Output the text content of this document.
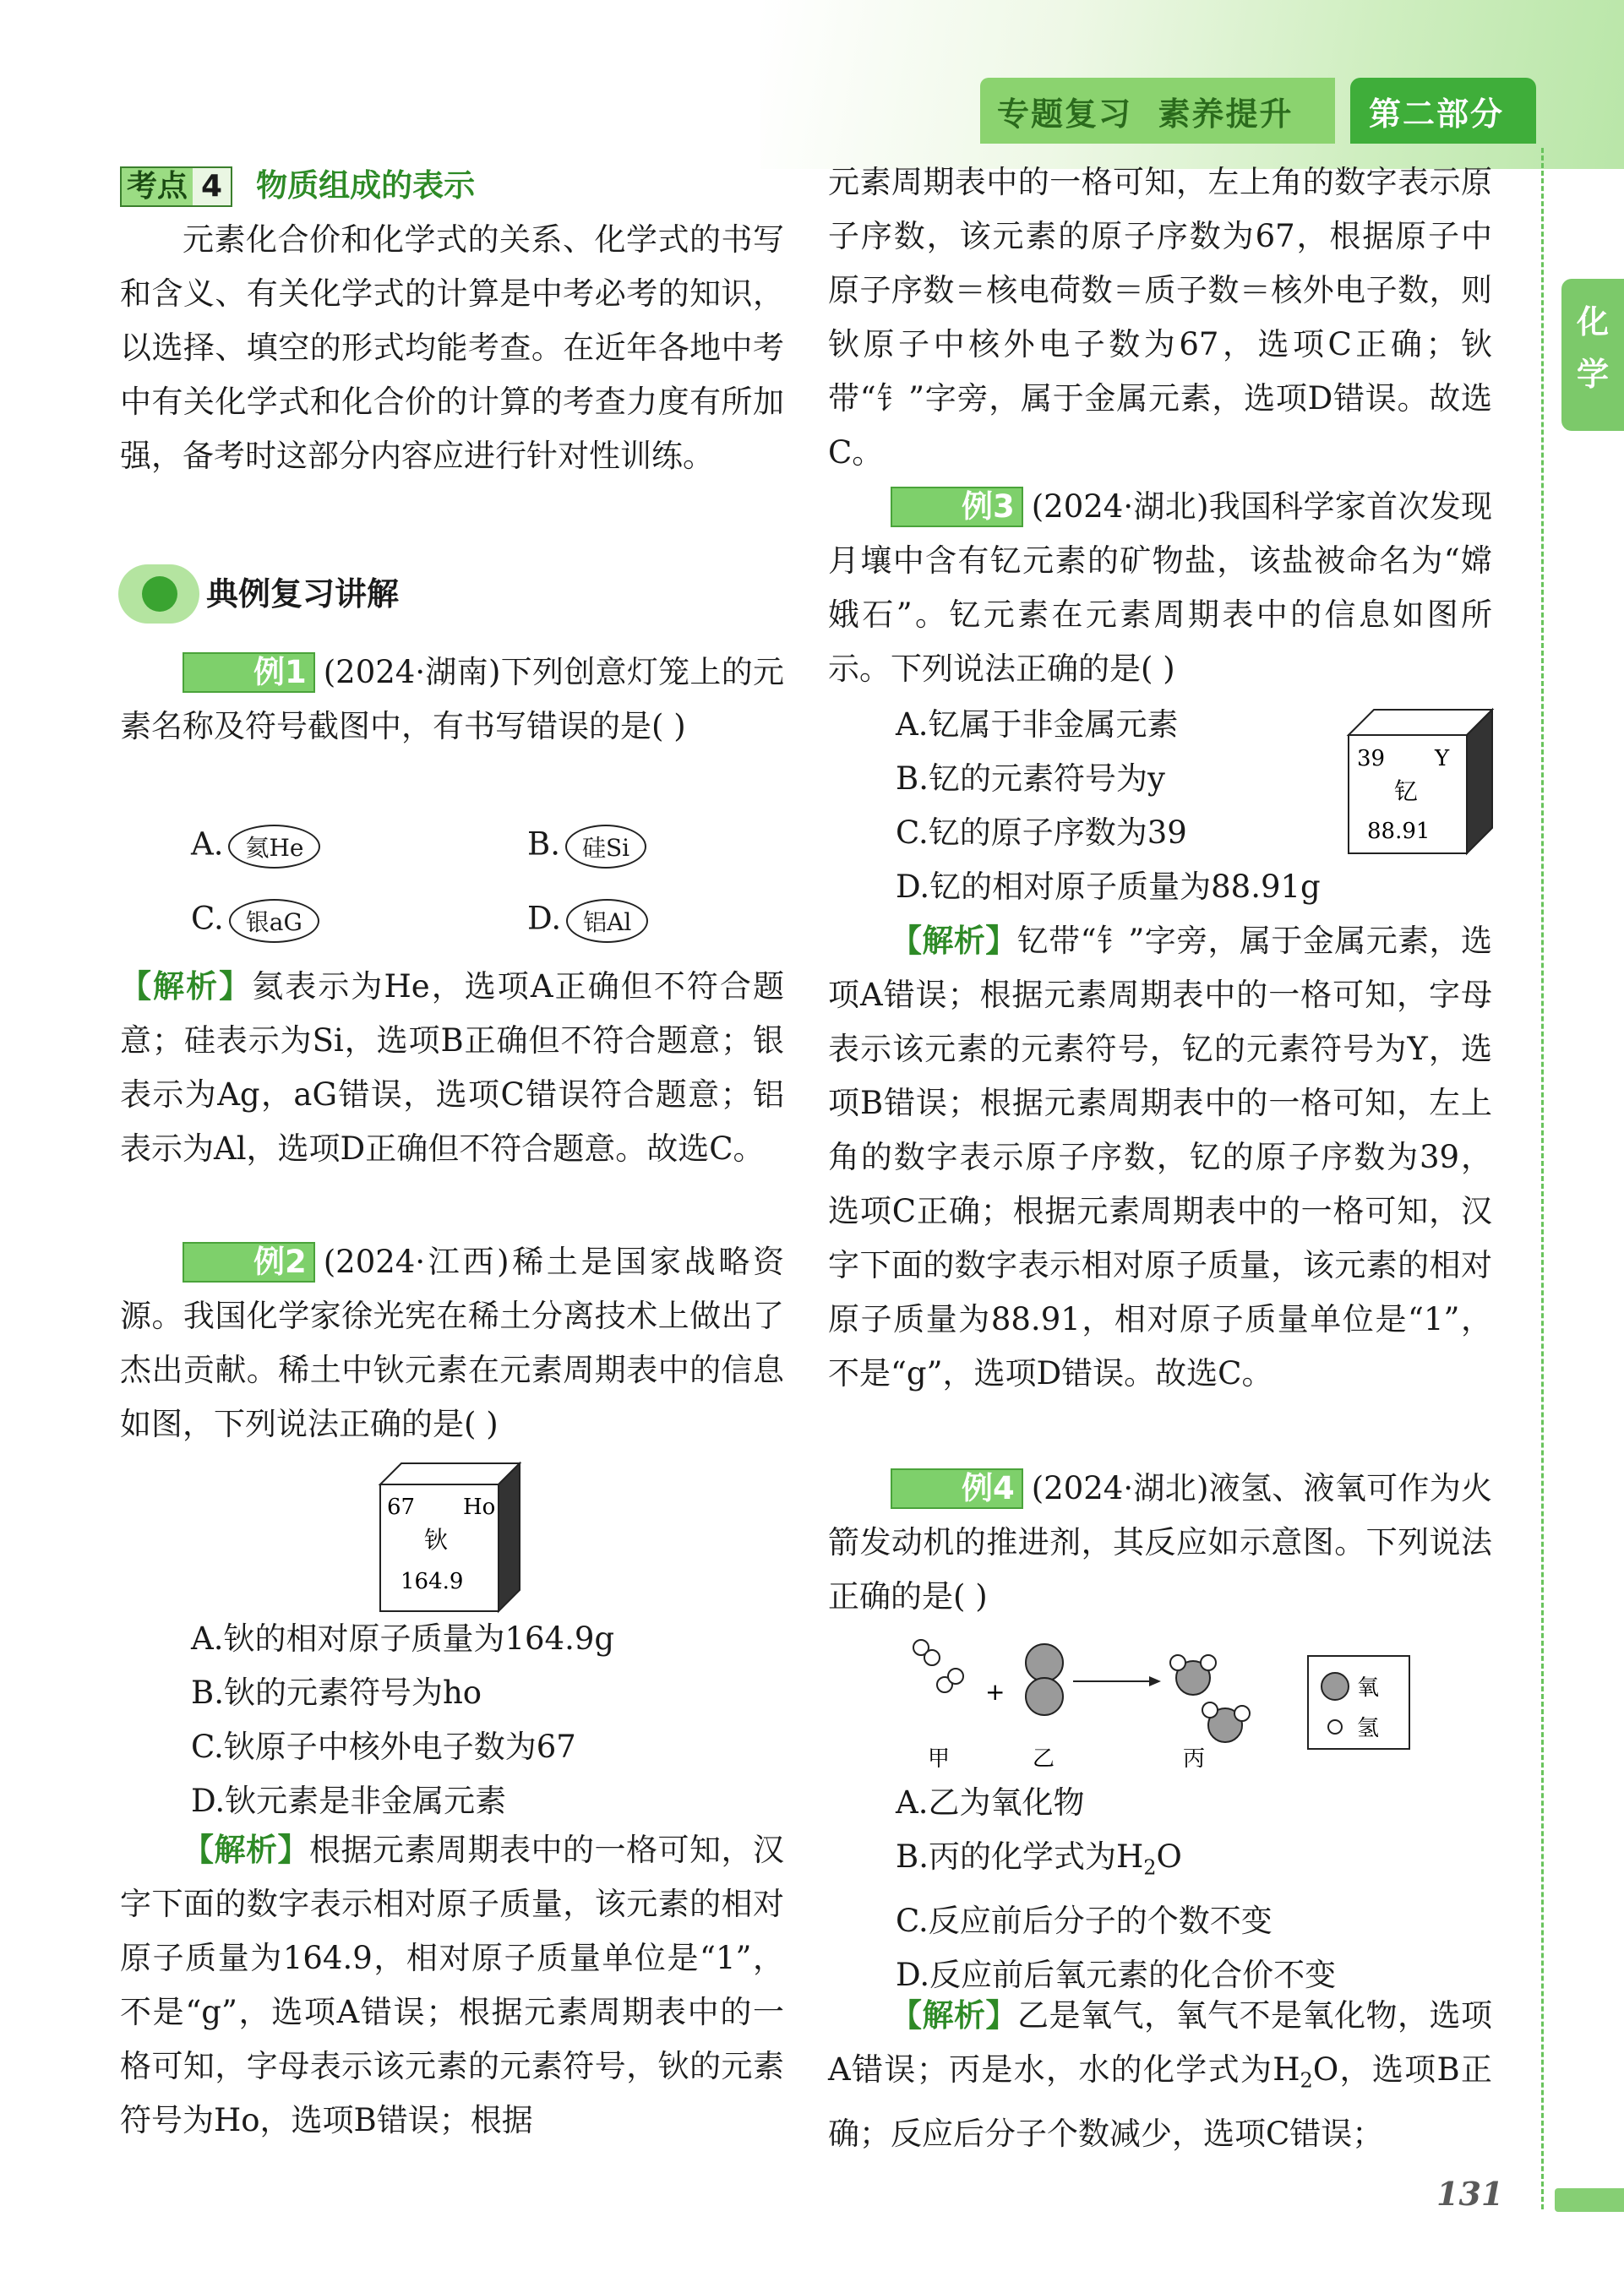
专题复习  素养提升 第二部分
化学
131

考点 4 物质组成的表示

元素化合价和化学式的关系、化学式的书写和含义、有关化学式的计算是中考必考的知识，以选择、填空的形式均能考查。在近年各地中考中有关化学式和化合价的计算的考查力度有所加强，备考时这部分内容应进行针对性训练。

典例复习讲解

例1 (2024·湖南)下列创意灯笼上的元素名称及符号截图中，有书写错误的是( )

A. 氦He	B. 硅Si
C. 银aG	D. 铝Al

【解析】氦表示为He，选项A正确但不符合题意；硅表示为Si，选项B正确但不符合题意；银表示为Ag，aG错误，选项C错误符合题意；铝表示为Al，选项D正确但不符合题意。故选C。

例2 (2024·江西)稀土是国家战略资源。我国化学家徐光宪在稀土分离技术上做出了杰出贡献。稀土中钬元素在元素周期表中的信息如图，下列说法正确的是( )

67 Ho
钬
164.9

A.钬的相对原子质量为164.9g

B.钬的元素符号为ho

C.钬原子中核外电子数为67

D.钬元素是非金属元素

【解析】根据元素周期表中的一格可知，汉字下面的数字表示相对原子质量，该元素的相对原子质量为164.9，相对原子质量单位是“1”，不是“g”，选项A错误；根据元素周期表中的一格可知，字母表示该元素的元素符号，钬的元素符号为Ho，选项B错误；根据

元素周期表中的一格可知，左上角的数字表示原子序数，该元素的原子序数为67，根据原子中原子序数＝核电荷数＝质子数＝核外电子数，则钬原子中核外电子数为67，选项C正确；钬带“钅”字旁，属于金属元素，选项D错误。故选C。

例3 (2024·湖北)我国科学家首次发现月壤中含有钇元素的矿物盐，该盐被命名为“嫦娥石”。钇元素在元素周期表中的信息如图所示。下列说法正确的是( )

A.钇属于非金属元素

B.钇的元素符号为y

C.钇的原子序数为39

D.钇的相对原子质量为88.91g

39 Y
钇
88.91

【解析】钇带“钅”字旁，属于金属元素，选项A错误；根据元素周期表中的一格可知，字母表示该元素的元素符号，钇的元素符号为Y，选项B错误；根据元素周期表中的一格可知，左上角的数字表示原子序数，钇的原子序数为39，选项C正确；根据元素周期表中的一格可知，汉字下面的数字表示相对原子质量，该元素的相对原子质量为88.91，相对原子质量单位是“1”，不是“g”，选项D错误。故选C。

例4 (2024·湖北)液氢、液氧可作为火箭发动机的推进剂，其反应如示意图。下列说法正确的是( )

+
甲	乙	丙
氧
氢

A.乙为氧化物

B.丙的化学式为$H_2O$

C.反应前后分子的个数不变

D.反应前后氧元素的化合价不变

【解析】乙是氧气，氧气不是氧化物，选项A错误；丙是水，水的化学式为$H_2O$，选项B正确；反应后分子个数减少，选项C错误；
